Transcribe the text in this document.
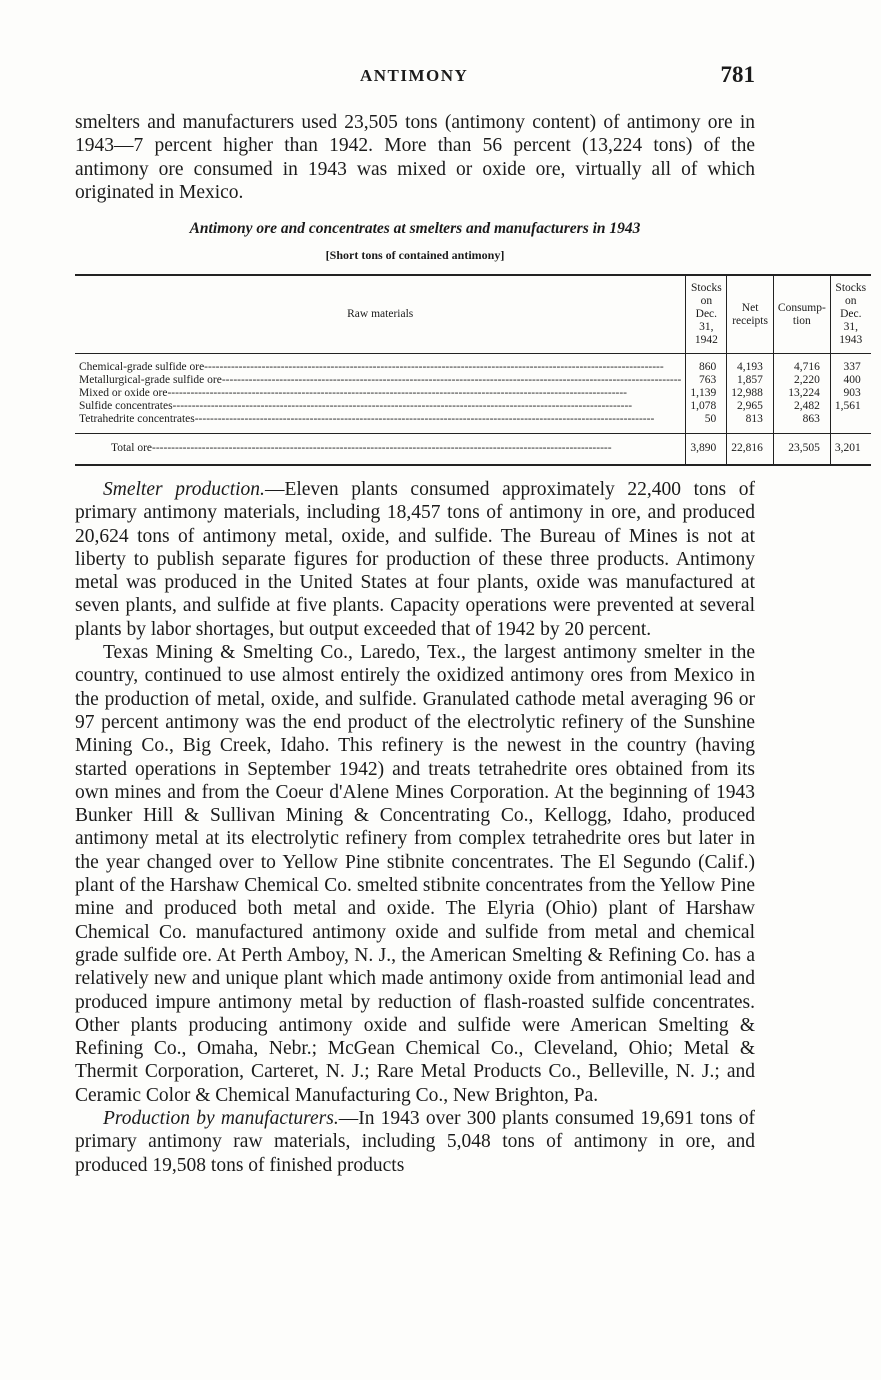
ANTIMONY	781

smelters and manufacturers used 23,505 tons (antimony content) of antimony ore in 1943—7 percent higher than 1942. More than 56 percent (13,224 tons) of the antimony ore consumed in 1943 was mixed or oxide ore, virtually all of which originated in Mexico.

Antimony ore and concentrates at smelters and manufacturers in 1943
[Short tons of contained antimony]
Raw materials	Stocks on Dec. 31, 1942	Net receipts	Consump-tion	Stocks on Dec. 31, 1943

Chemical-grade sulfide ore------------------------------------------------------------------------------------------------------------------------	860	4,193	4,716	337
Metallurgical-grade sulfide ore------------------------------------------------------------------------------------------------------------------------	763	1,857	2,220	400
Mixed or oxide ore------------------------------------------------------------------------------------------------------------------------	1,139	12,988	13,224	903
Sulfide concentrates------------------------------------------------------------------------------------------------------------------------	1,078	2,965	2,482	1,561
Tetrahedrite concentrates------------------------------------------------------------------------------------------------------------------------	50	813	863	

Total ore------------------------------------------------------------------------------------------------------------------------	3,890	22,816	23,505	3,201

Smelter production.—Eleven plants consumed approximately 22,400 tons of primary antimony materials, including 18,457 tons of antimony in ore, and produced 20,624 tons of antimony metal, oxide, and sulfide. The Bureau of Mines is not at liberty to publish separate figures for production of these three products. Antimony metal was produced in the United States at four plants, oxide was manufactured at seven plants, and sulfide at five plants. Capacity operations were prevented at several plants by labor shortages, but output exceeded that of 1942 by 20 percent.

Texas Mining & Smelting Co., Laredo, Tex., the largest antimony smelter in the country, continued to use almost entirely the oxidized antimony ores from Mexico in the production of metal, oxide, and sulfide. Granulated cathode metal averaging 96 or 97 percent antimony was the end product of the electrolytic refinery of the Sunshine Mining Co., Big Creek, Idaho. This refinery is the newest in the country (having started operations in September 1942) and treats tetrahedrite ores obtained from its own mines and from the Coeur d'Alene Mines Corporation. At the beginning of 1943 Bunker Hill & Sullivan Mining & Concentrating Co., Kellogg, Idaho, produced antimony metal at its electrolytic refinery from complex tetrahedrite ores but later in the year changed over to Yellow Pine stibnite concentrates. The El Segundo (Calif.) plant of the Harshaw Chemical Co. smelted stibnite concentrates from the Yellow Pine mine and produced both metal and oxide. The Elyria (Ohio) plant of Harshaw Chemical Co. manufactured antimony oxide and sulfide from metal and chemical grade sulfide ore. At Perth Amboy, N. J., the American Smelting & Refining Co. has a relatively new and unique plant which made antimony oxide from antimonial lead and produced impure antimony metal by reduction of flash-roasted sulfide concentrates. Other plants producing antimony oxide and sulfide were American Smelting & Refining Co., Omaha, Nebr.; McGean Chemical Co., Cleveland, Ohio; Metal & Thermit Corporation, Carteret, N. J.; Rare Metal Products Co., Belleville, N. J.; and Ceramic Color & Chemical Manufacturing Co., New Brighton, Pa.

Production by manufacturers.—In 1943 over 300 plants consumed 19,691 tons of primary antimony raw materials, including 5,048 tons of antimony in ore, and produced 19,508 tons of finished products
